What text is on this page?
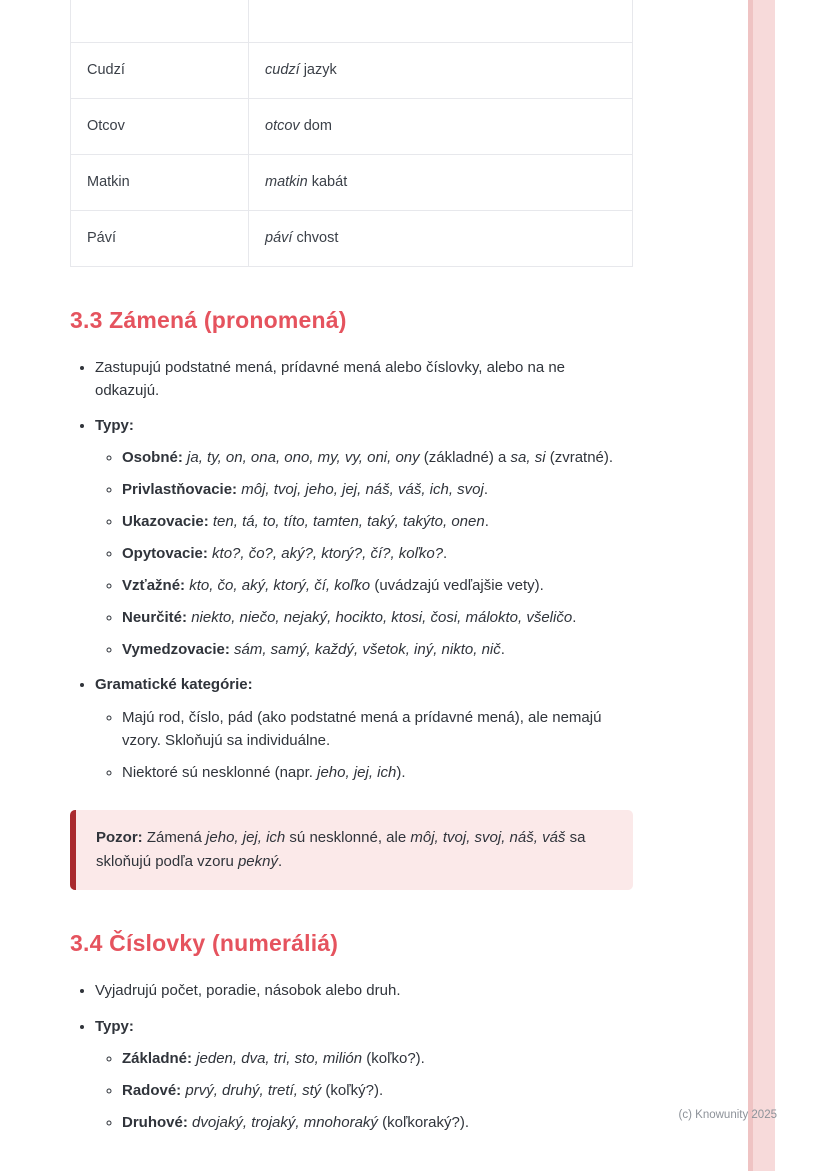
Cudzí	cudzí jazyk
Otcov	otcov dom
Matkin	matkin kabát
Páví	páví chvost
3.3 Zámená (pronomená)
• Zastupujú podstatné mená, prídavné mená alebo číslovky, alebo na ne odkazujú.
• Typy:
◦ Osobné: ja, ty, on, ona, ono, my, vy, oni, ony (základné) a sa, si (zvratné).
◦ Privlastňovacie: môj, tvoj, jeho, jej, náš, váš, ich, svoj.
◦ Ukazovacie: ten, tá, to, títo, tamten, taký, takýto, onen.
◦ Opytovacie: kto?, čo?, aký?, ktorý?, čí?, koľko?.
◦ Vzťažné: kto, čo, aký, ktorý, čí, koľko (uvádzajú vedľajšie vety).
◦ Neurčité: niekto, niečo, nejaký, hocikto, ktosi, čosi, málokto, všeličo.
◦ Vymedzovacie: sám, samý, každý, všetok, iný, nikto, nič.
• Gramatické kategórie:
◦ Majú rod, číslo, pád (ako podstatné mená a prídavné mená), ale nemajú vzory. Skloňujú sa individuálne.
◦ Niektoré sú nesklonné (napr. jeho, jej, ich).

Pozor: Zámená jeho, jej, ich sú nesklonné, ale môj, tvoj, svoj, náš, váš sa skloňujú podľa vzoru pekný.

3.4 Číslovky (numeráliá)
• Vyjadrujú počet, poradie, násobok alebo druh.
• Typy:
◦ Základné: jeden, dva, tri, sto, milión (koľko?).
◦ Radové: prvý, druhý, tretí, stý (koľký?).
◦ Druhové: dvojaký, trojaký, mnohoraký (koľkoraký?).	(c) Knowunity 2025
